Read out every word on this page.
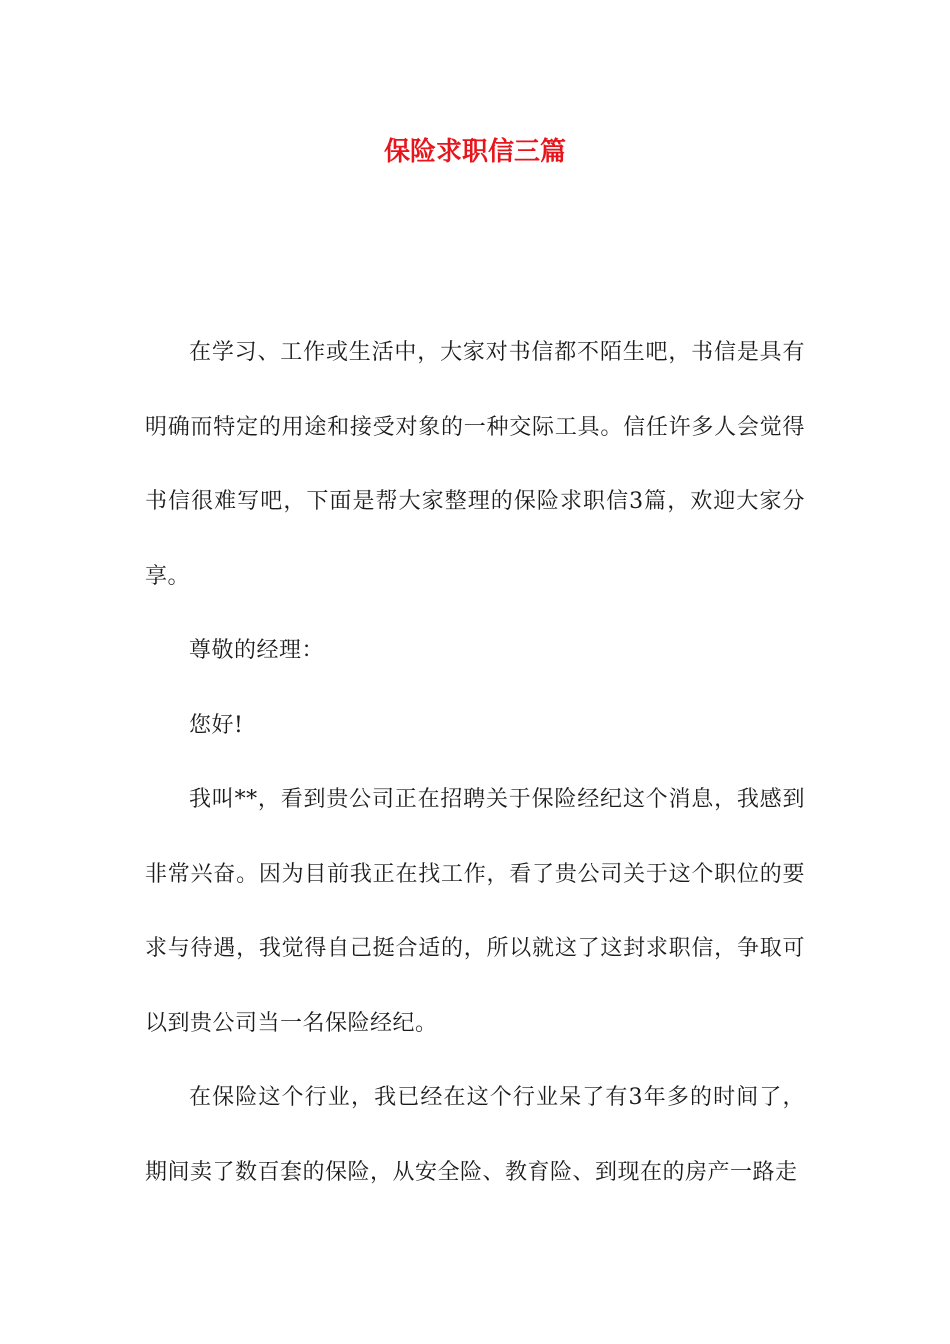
保险求职信三篇

在学习、工作或生活中，大家对书信都不陌生吧，书信是具有明确而特定的用途和接受对象的一种交际工具。信任许多人会觉得书信很难写吧，下面是帮大家整理的保险求职信3篇，欢迎大家分享。

尊敬的经理：

您好!

我叫**，看到贵公司正在招聘关于保险经纪这个消息，我感到非常兴奋。因为目前我正在找工作，看了贵公司关于这个职位的要求与待遇，我觉得自己挺合适的，所以就这了这封求职信，争取可以到贵公司当一名保险经纪。

在保险这个行业，我已经在这个行业呆了有3年多的时间了，期间卖了数百套的保险，从安全险、教育险、到现在的房产一路走
